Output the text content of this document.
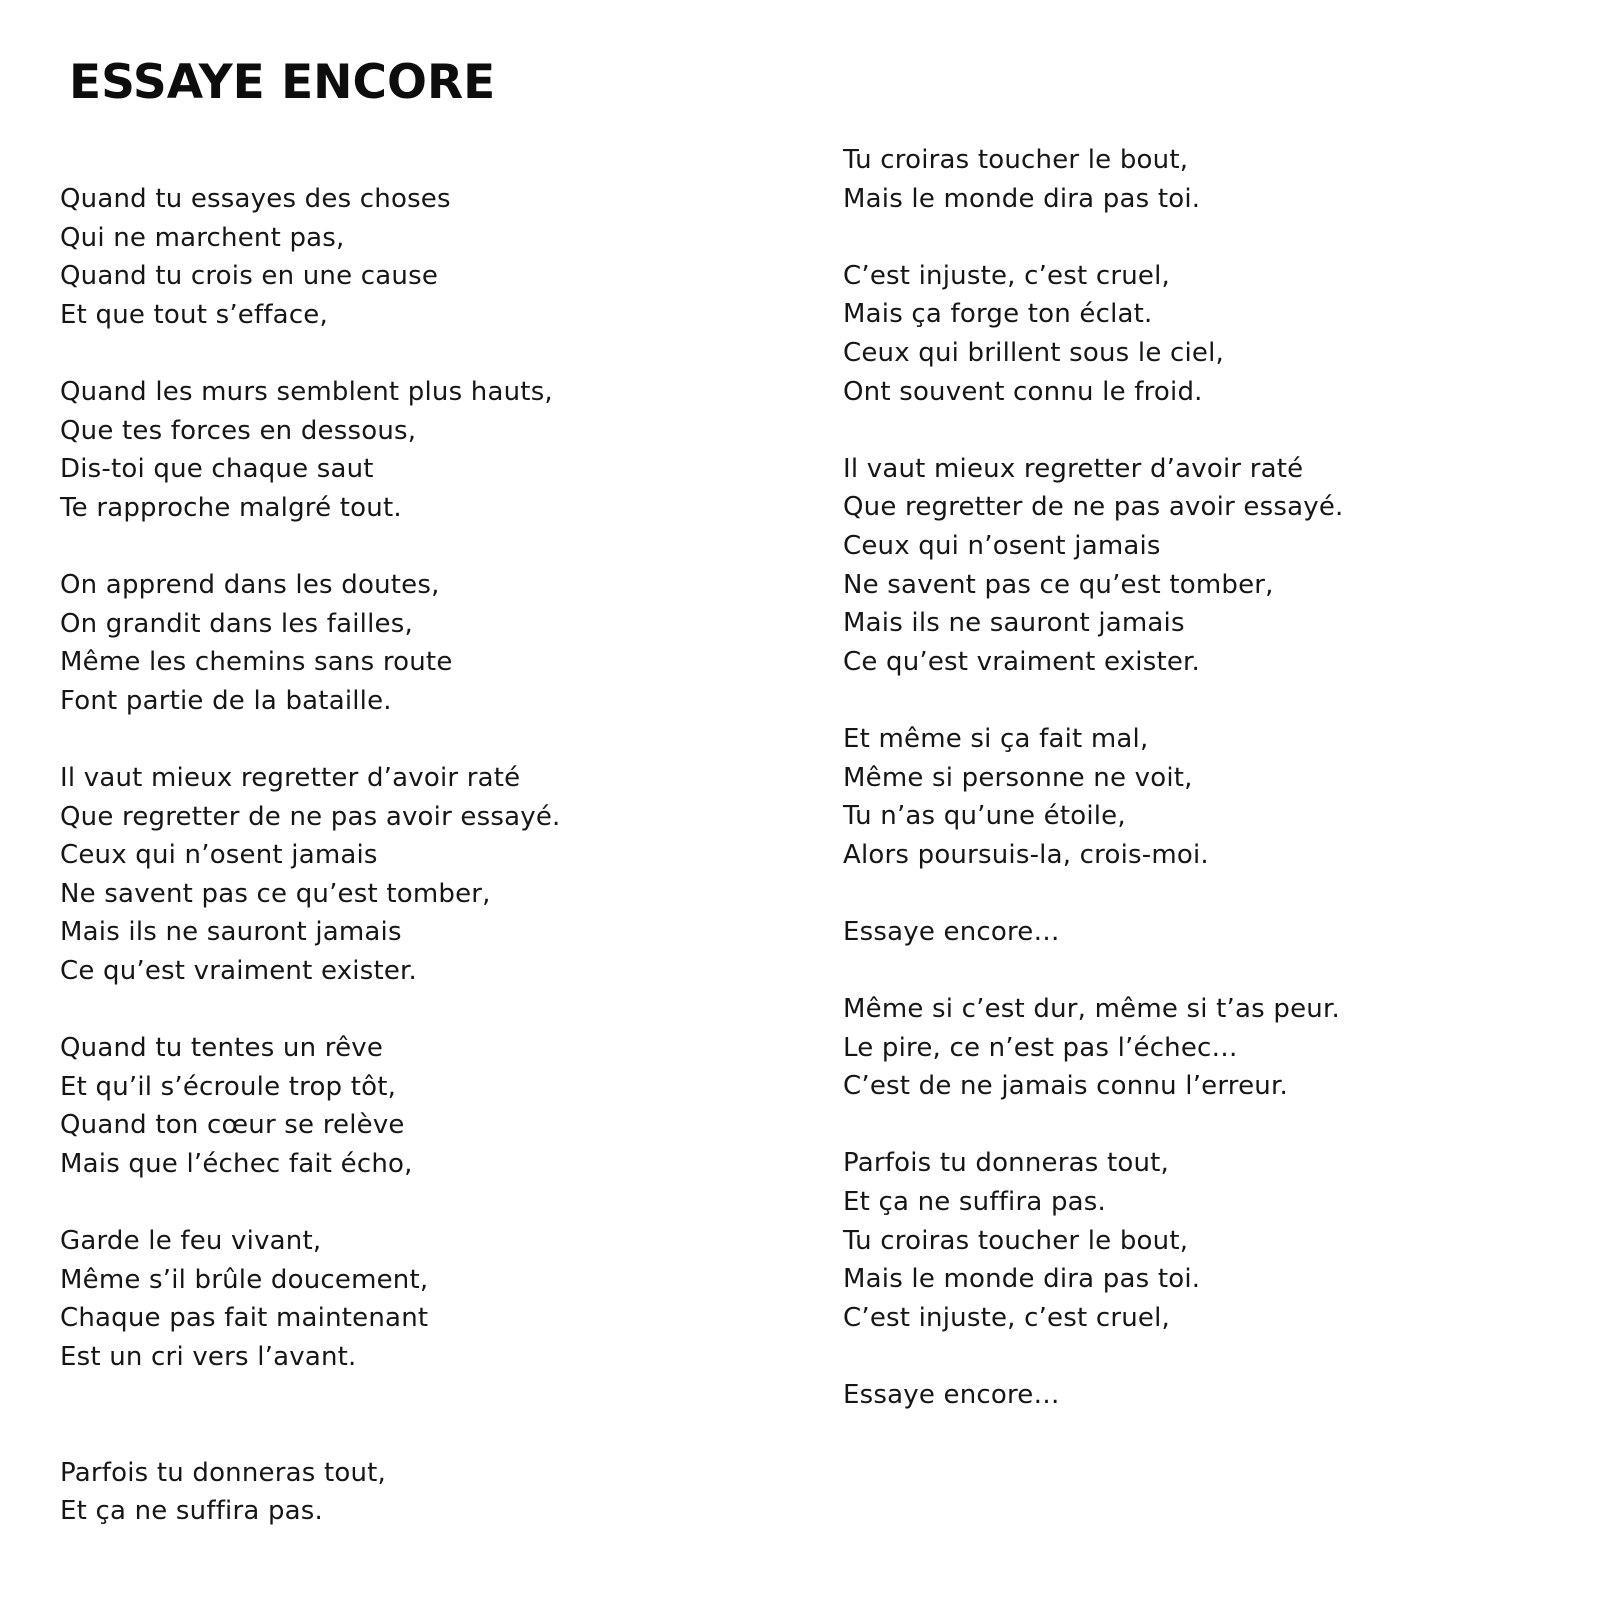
ESSAYE ENCORE
Quand tu essayes des choses
Qui ne marchent pas,
Quand tu crois en une cause
Et que tout s’efface,
Quand les murs semblent plus hauts,
Que tes forces en dessous,
Dis-toi que chaque saut
Te rapproche malgré tout.
On apprend dans les doutes,
On grandit dans les failles,
Même les chemins sans route
Font partie de la bataille.
Il vaut mieux regretter d’avoir raté
Que regretter de ne pas avoir essayé.
Ceux qui n’osent jamais
Ne savent pas ce qu’est tomber,
Mais ils ne sauront jamais
Ce qu’est vraiment exister.
Quand tu tentes un rêve
Et qu’il s’écroule trop tôt,
Quand ton cœur se relève
Mais que l’échec fait écho,
Garde le feu vivant,
Même s’il brûle doucement,
Chaque pas fait maintenant
Est un cri vers l’avant.
Parfois tu donneras tout,
Et ça ne suffira pas.
Tu croiras toucher le bout,
Mais le monde dira pas toi.
C’est injuste, c’est cruel,
Mais ça forge ton éclat.
Ceux qui brillent sous le ciel,
Ont souvent connu le froid.
Il vaut mieux regretter d’avoir raté
Que regretter de ne pas avoir essayé.
Ceux qui n’osent jamais
Ne savent pas ce qu’est tomber,
Mais ils ne sauront jamais
Ce qu’est vraiment exister.
Et même si ça fait mal,
Même si personne ne voit,
Tu n’as qu’une étoile,
Alors poursuis-la, crois-moi.
Essaye encore…
Même si c’est dur, même si t’as peur.
Le pire, ce n’est pas l’échec…
C’est de ne jamais connu l’erreur.
Parfois tu donneras tout,
Et ça ne suffira pas.
Tu croiras toucher le bout,
Mais le monde dira pas toi.
C’est injuste, c’est cruel,
Essaye encore…
